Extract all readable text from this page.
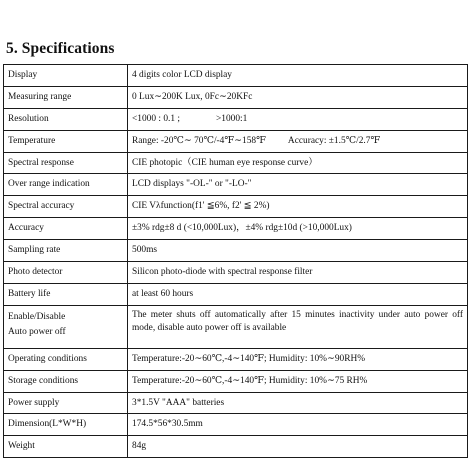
5. Specifications
Display	4 digits color LCD display
Measuring range	0 Lux∼200K Lux, 0Fc∼20KFc
Resolution	<1000 : 0.1 ; >1000:1
Temperature	Range: -20℃∼ 70℃/-4℉∼158℉ Accuracy: ±1.5℃/2.7℉
Spectral response	CIE photopic（CIE human eye response curve）
Over range indication	LCD displays "-OL-" or "-LO-"
Spectral accuracy	CIE Vλfunction(f1' ≦6%, f2' ≦ 2%)
Accuracy	±3% rdg±8 d (<10,000Lux)，±4% rdg±10d (>10,000Lux)
Sampling rate	500ms
Photo detector	Silicon photo-diode with spectral response filter
Battery life	at least 60 hours

Enable/Disable
Auto power off	The meter shuts off automatically after 15 minutes inactivity under auto power off mode, disable auto power off is available
Operating conditions	Temperature:-20∼60℃,-4∼140℉; Humidity: 10%∼90RH%
Storage conditions	Temperature:-20∼60℃,-4∼140℉; Humidity: 10%∼75 RH%
Power supply	3*1.5V "AAA" batteries
Dimension(L*W*H)	174.5*56*30.5mm
Weight	84g
